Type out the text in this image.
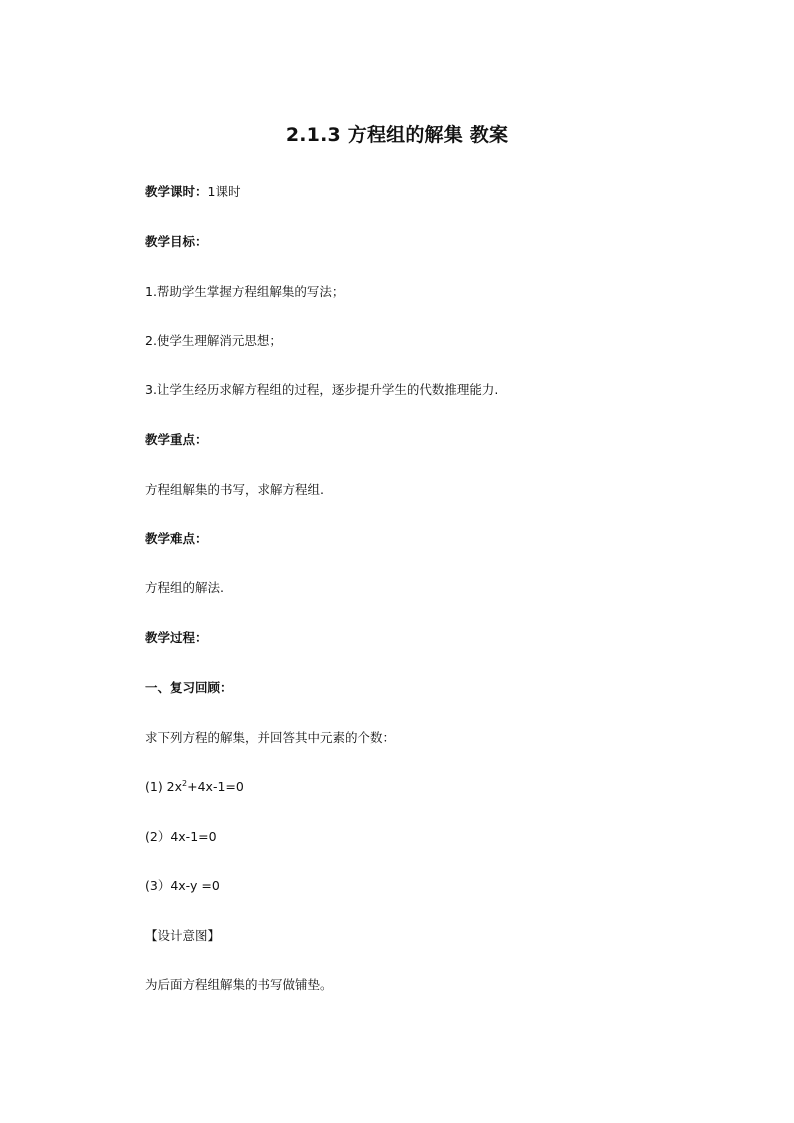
2.1.3 方程组的解集 教案
教学课时：1课时
教学目标：
1.帮助学生掌握方程组解集的写法；
2.使学生理解消元思想；
3.让学生经历求解方程组的过程，逐步提升学生的代数推理能力.
教学重点：
方程组解集的书写，求解方程组.
教学难点：
方程组的解法.
教学过程：
一、复习回顾：
求下列方程的解集，并回答其中元素的个数：
(1) $2x^2+4x-1=0$
(2）4x-1=0
(3）4x-y =0
【设计意图】
为后面方程组解集的书写做铺垫。
